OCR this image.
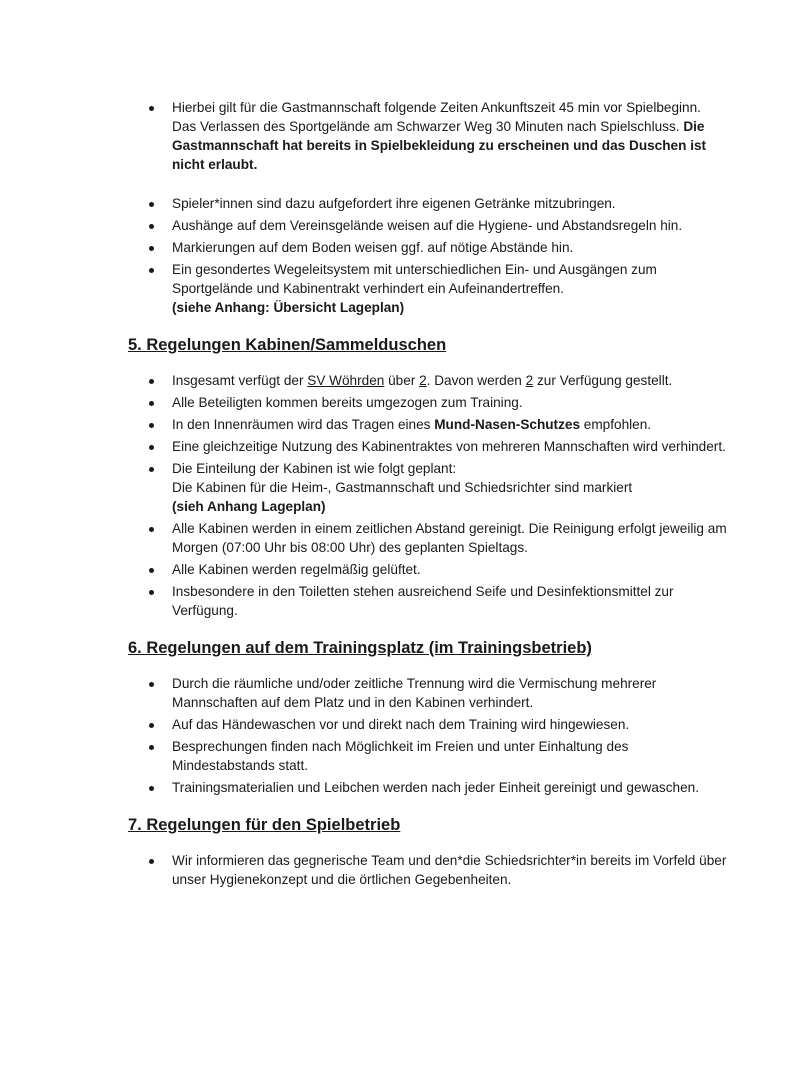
Hierbei gilt für die Gastmannschaft folgende Zeiten Ankunftszeit 45 min vor Spielbeginn. Das Verlassen des Sportgelände am Schwarzer Weg 30 Minuten nach Spielschluss. Die Gastmannschaft hat bereits in Spielbekleidung zu erscheinen und das Duschen ist nicht erlaubt.
Spieler*innen sind dazu aufgefordert ihre eigenen Getränke mitzubringen.
Aushänge auf dem Vereinsgelände weisen auf die Hygiene- und Abstandsregeln hin.
Markierungen auf dem Boden weisen ggf. auf nötige Abstände hin.
Ein gesondertes Wegeleitsystem mit unterschiedlichen Ein- und Ausgängen zum Sportgelände und Kabinentrakt verhindert ein Aufeinandertreffen.
(siehe Anhang: Übersicht Lageplan)
5. Regelungen Kabinen/Sammelduschen
Insgesamt verfügt der SV Wöhrden über 2. Davon werden 2 zur Verfügung gestellt.
Alle Beteiligten kommen bereits umgezogen zum Training.
In den Innenräumen wird das Tragen eines Mund-Nasen-Schutzes empfohlen.
Eine gleichzeitige Nutzung des Kabinentraktes von mehreren Mannschaften wird verhindert.
Die Einteilung der Kabinen ist wie folgt geplant:
Die Kabinen für die Heim-, Gastmannschaft und Schiedsrichter sind markiert
(sieh Anhang Lageplan)
Alle Kabinen werden in einem zeitlichen Abstand gereinigt. Die Reinigung erfolgt jeweilig am Morgen (07:00 Uhr bis 08:00 Uhr) des geplanten Spieltags.
Alle Kabinen werden regelmäßig gelüftet.
Insbesondere in den Toiletten stehen ausreichend Seife und Desinfektionsmittel zur Verfügung.
6. Regelungen auf dem Trainingsplatz (im Trainingsbetrieb)
Durch die räumliche und/oder zeitliche Trennung wird die Vermischung mehrerer Mannschaften auf dem Platz und in den Kabinen verhindert.
Auf das Händewaschen vor und direkt nach dem Training wird hingewiesen.
Besprechungen finden nach Möglichkeit im Freien und unter Einhaltung des Mindestabstands statt.
Trainingsmaterialien und Leibchen werden nach jeder Einheit gereinigt und gewaschen.
7. Regelungen für den Spielbetrieb
Wir informieren das gegnerische Team und den*die Schiedsrichter*in bereits im Vorfeld über unser Hygienekonzept und die örtlichen Gegebenheiten.
